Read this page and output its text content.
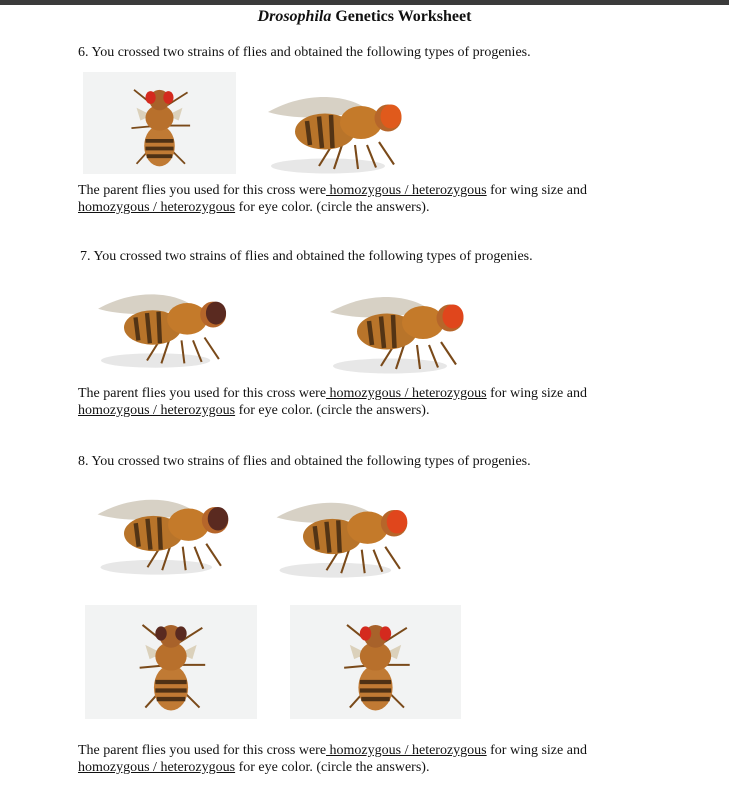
Drosophila Genetics Worksheet
6. You crossed two strains of flies and obtained the following types of progenies.
The parent flies you used for this cross were homozygous / heterozygous for wing size and
homozygous / heterozygous for eye color. (circle the answers).
7. You crossed two strains of flies and obtained the following types of progenies.
The parent flies you used for this cross were homozygous / heterozygous for wing size and
homozygous / heterozygous for eye color. (circle the answers).
8. You crossed two strains of flies and obtained the following types of progenies.
The parent flies you used for this cross were homozygous / heterozygous for wing size and
homozygous / heterozygous for eye color. (circle the answers).
